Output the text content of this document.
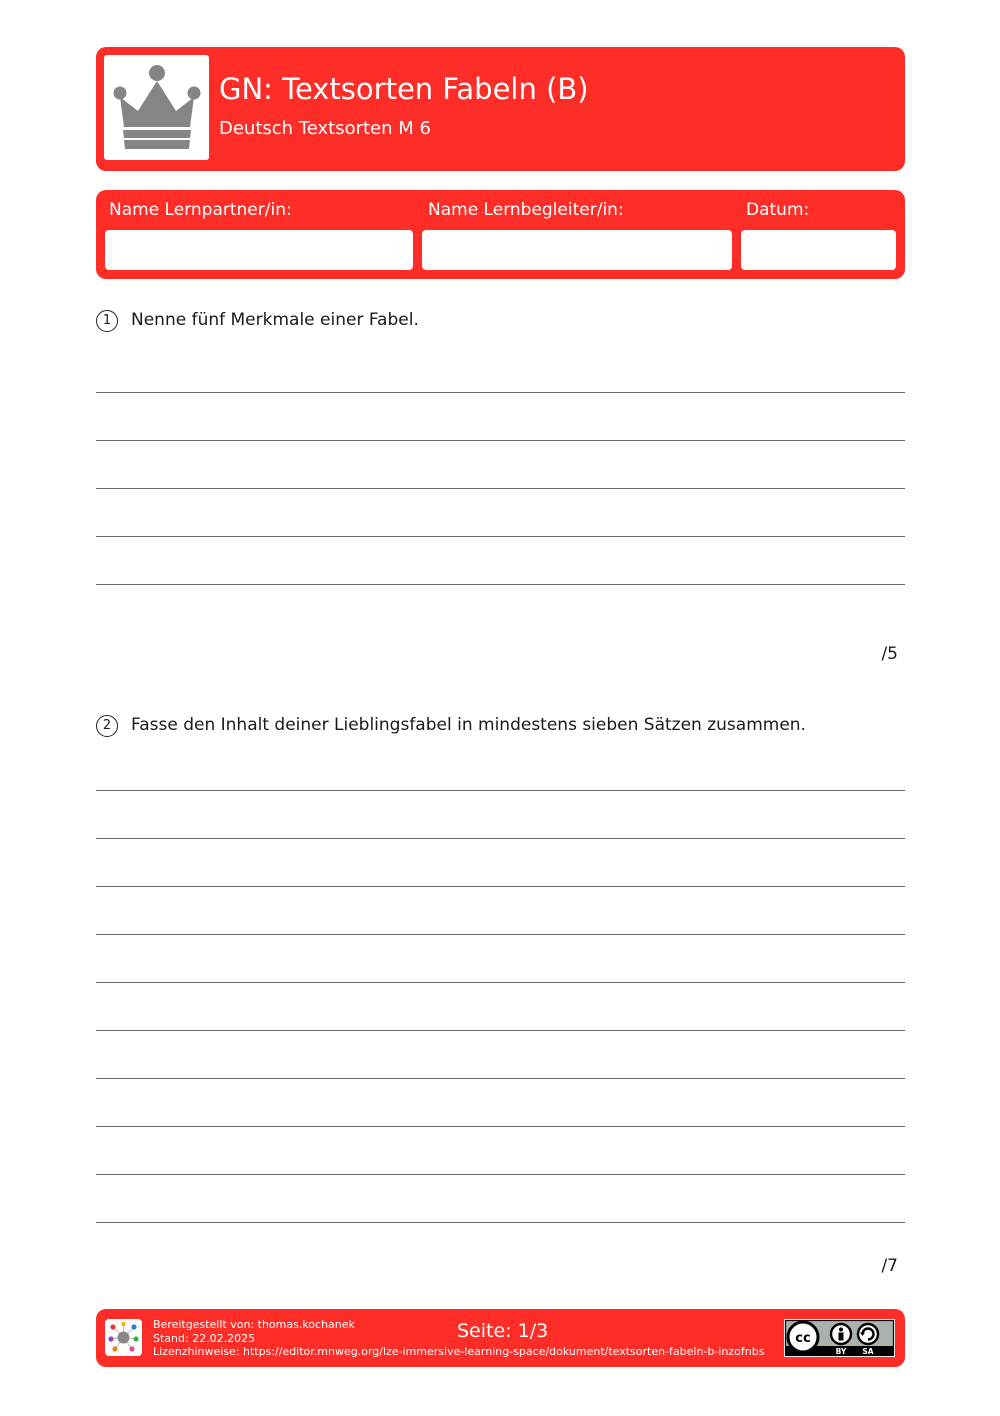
GN: Textsorten Fabeln (B)
Deutsch Textsorten M 6
Name Lernpartner/in:	Name Lernbegleiter/in:	Datum:
1 Nenne fünf Merkmale einer Fabel.
/5
2 Fasse den Inhalt deiner Lieblingsfabel in mindestens sieben Sätzen zusammen.
/7
Bereitgestellt von: thomas.kochanek
Stand: 22.02.2025
Lizenzhinweise: https://editor.mnweg.org/lze-immersive-learning-space/dokument/textsorten-fabeln-b-inzofnbs
Seite: 1/3	cc
BY SA
